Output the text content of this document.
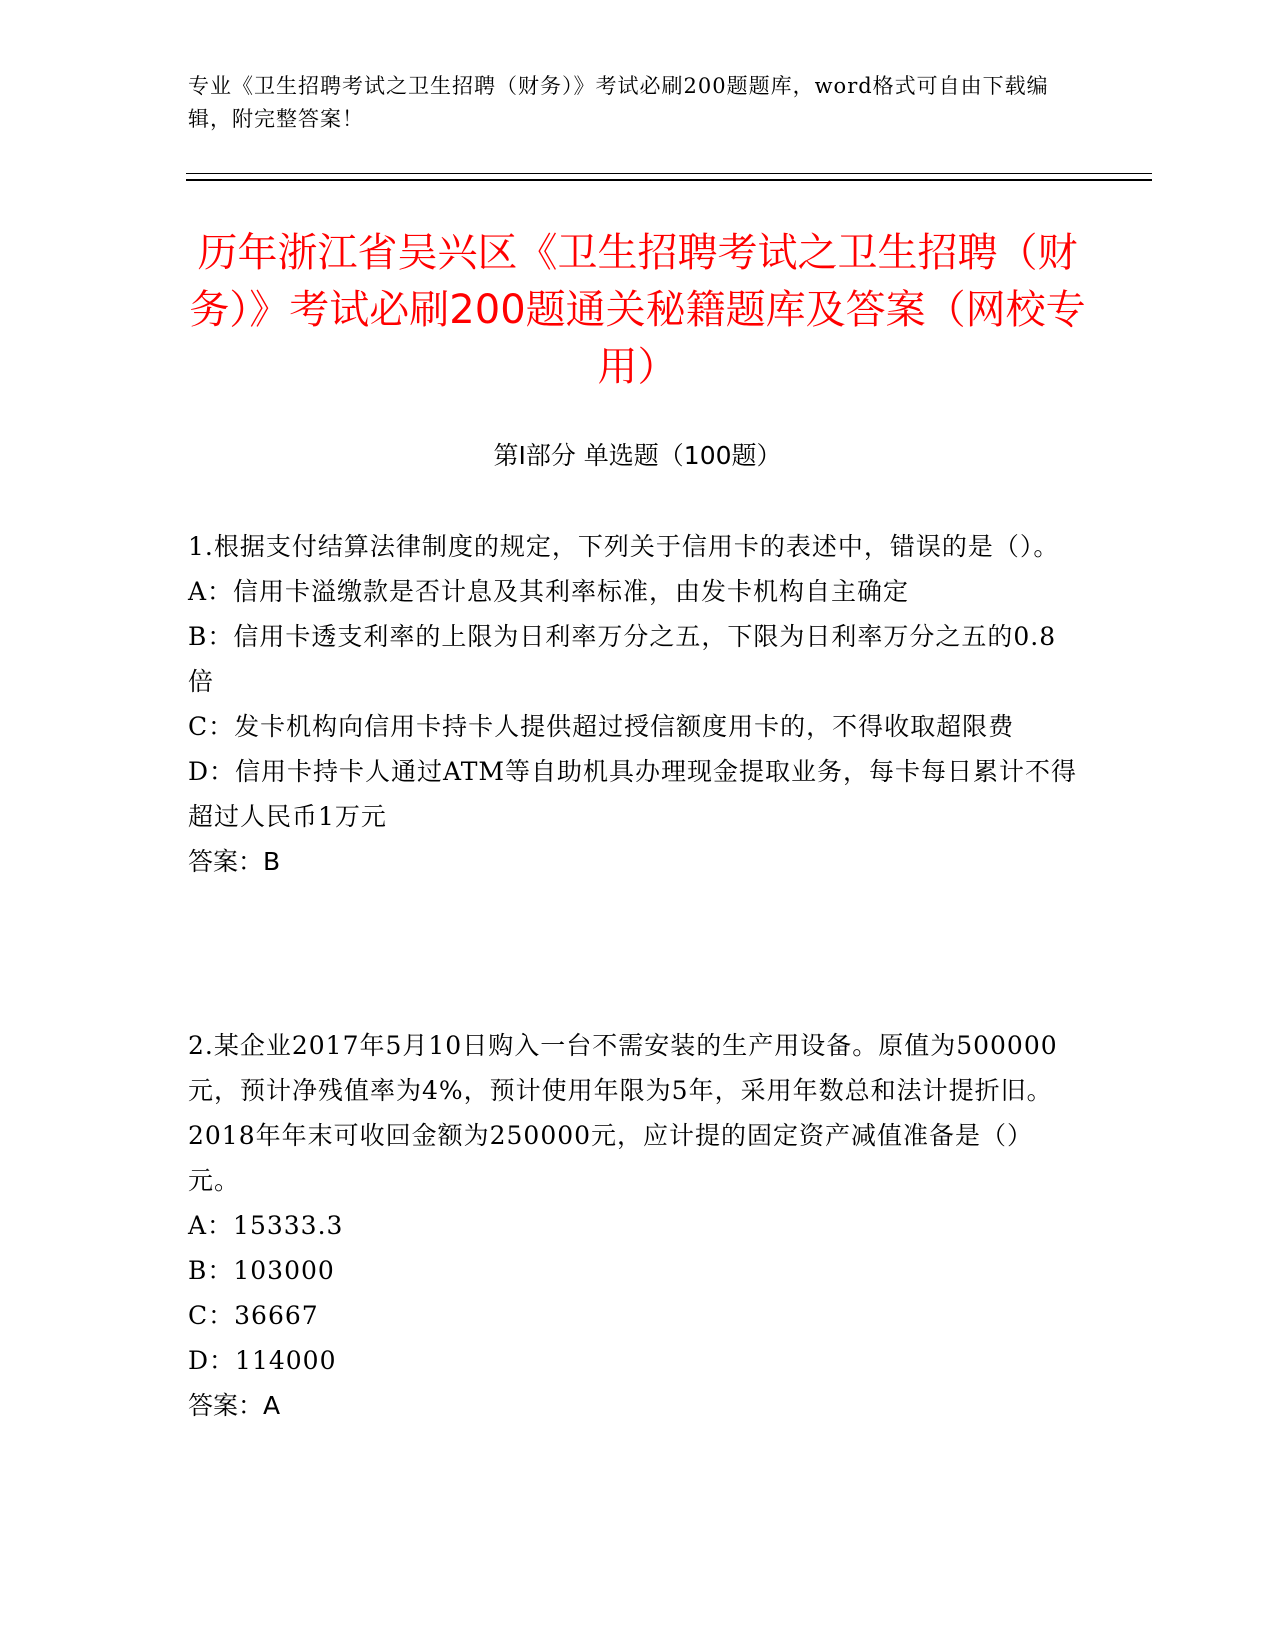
专业《卫生招聘考试之卫生招聘（财务）》考试必刷200题题库，word格式可自由下载编辑，附完整答案！

历年浙江省吴兴区《卫生招聘考试之卫生招聘（财务）》考试必刷200题通关秘籍题库及答案（网校专用）
第I部分 单选题（100题）

1.根据支付结算法律制度的规定，下列关于信用卡的表述中，错误的是（）。

A：信用卡溢缴款是否计息及其利率标准，由发卡机构自主确定

B：信用卡透支利率的上限为日利率万分之五，下限为日利率万分之五的0.8倍

C：发卡机构向信用卡持卡人提供超过授信额度用卡的，不得收取超限费

D：信用卡持卡人通过ATM等自助机具办理现金提取业务，每卡每日累计不得超过人民币1万元

答案：B

2.某企业2017年5月10日购入一台不需安装的生产用设备。原值为500000元，预计净残值率为4%，预计使用年限为5年，采用年数总和法计提折旧。2018年年末可收回金额为250000元，应计提的固定资产减值准备是（）元。

A：15333.3

B：103000

C：36667

D：114000

答案：A
